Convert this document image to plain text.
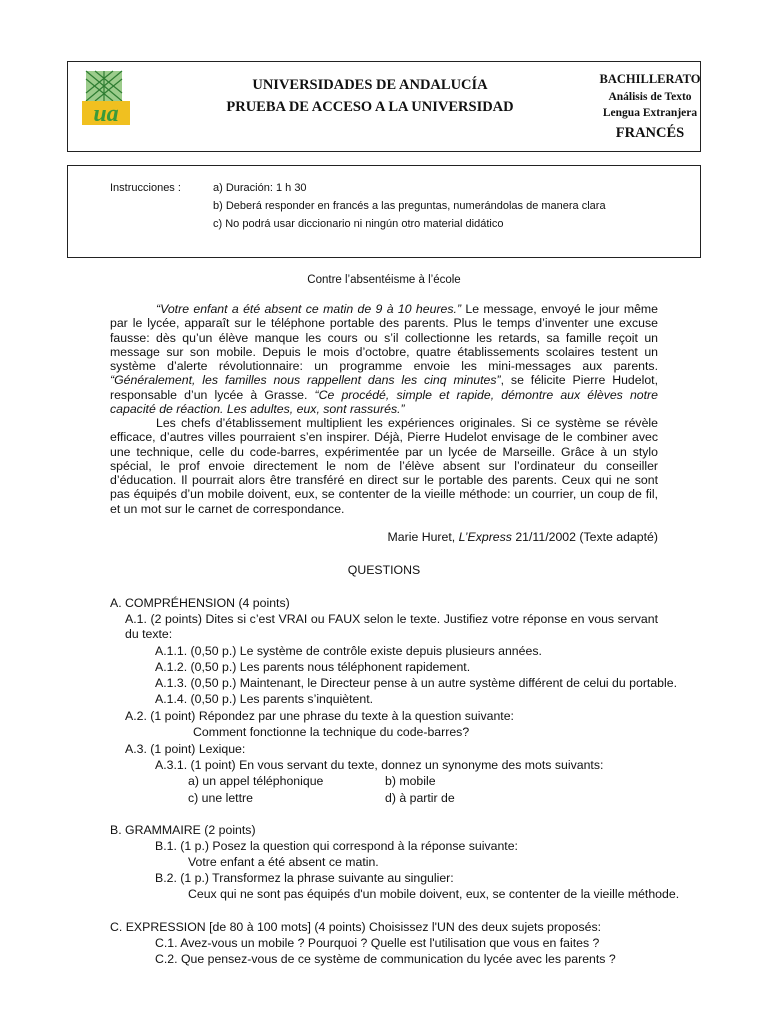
ua
UNIVERSIDADES DE ANDALUCÍA
PRUEBA DE ACCESO A LA UNIVERSIDAD
BACHILLERATO
Análisis de Texto
Lengua Extranjera
FRANCÉS
Instrucciones :	a) Duración: 1 h 30
b) Deberá responder en francés a las preguntas, numerándolas de manera clara
c) No podrá usar diccionario ni ningún otro material didático
Contre l’absentéisme à l’école
“Votre enfant a été absent ce matin de 9 à 10 heures.” Le message, envoyé le jour même par le lycée, apparaît sur le téléphone portable des parents. Plus le temps d’inventer une excuse fausse: dès qu’un élève manque les cours ou s’il collectionne les retards, sa famille reçoit un message sur son mobile. Depuis le mois d’octobre, quatre établissements scolaires testent un système d’alerte révolutionnaire: un programme envoie les mini-messages aux parents. “Généralement, les familles nous rappellent dans les cinq minutes”, se félicite Pierre Hudelot, responsable d’un lycée à Grasse. “Ce procédé, simple et rapide, démontre aux élèves notre capacité de réaction. Les adultes, eux, sont rassurés.”
Les chefs d’établissement multiplient les expériences originales. Si ce système se révèle efficace, d’autres villes pourraient s’en inspirer. Déjà, Pierre Hudelot envisage de le combiner avec une technique, celle du code-barres, expérimentée par un lycée de Marseille. Grâce à un stylo spécial, le prof envoie directement le nom de l’élève absent sur l’ordinateur du conseiller d’éducation. Il pourrait alors être transféré en direct sur le portable des parents. Ceux qui ne sont pas équipés d’un mobile doivent, eux, se contenter de la vieille méthode: un courrier, un coup de fil, et un mot sur le carnet de correspondance.
Marie Huret, L’Express 21/11/2002 (Texte adapté)
QUESTIONS
A. COMPRÉHENSION (4 points)
A.1. (2 points) Dites si c’est VRAI ou FAUX selon le texte. Justifiez votre réponse en vous servant du texte:
A.1.1. (0,50 p.) Le système de contrôle existe depuis plusieurs années.
A.1.2. (0,50 p.) Les parents nous téléphonent rapidement.
A.1.3. (0,50 p.) Maintenant, le Directeur pense à un autre système différent de celui du portable.
A.1.4. (0,50 p.) Les parents s’inquiètent.
A.2. (1 point) Répondez par une phrase du texte à la question suivante:
Comment fonctionne la technique du code-barres?
A.3. (1 point) Lexique:
A.3.1. (1 point) En vous servant du texte, donnez un synonyme des mots suivants:
a) un appel téléphonique	b) mobile
c) une lettre	d) à partir de
B. GRAMMAIRE (2 points)
B.1. (1 p.) Posez la question qui correspond à la réponse suivante:
Votre enfant a été absent ce matin.
B.2. (1 p.) Transformez la phrase suivante au singulier:
Ceux qui ne sont pas équipés d'un mobile doivent, eux, se contenter de la vieille méthode.
C. EXPRESSION [de 80 à 100 mots] (4 points) Choisissez l'UN des deux sujets proposés:
C.1. Avez-vous un mobile ? Pourquoi ? Quelle est l'utilisation que vous en faites ?
C.2. Que pensez-vous de ce système de communication du lycée avec les parents ?
